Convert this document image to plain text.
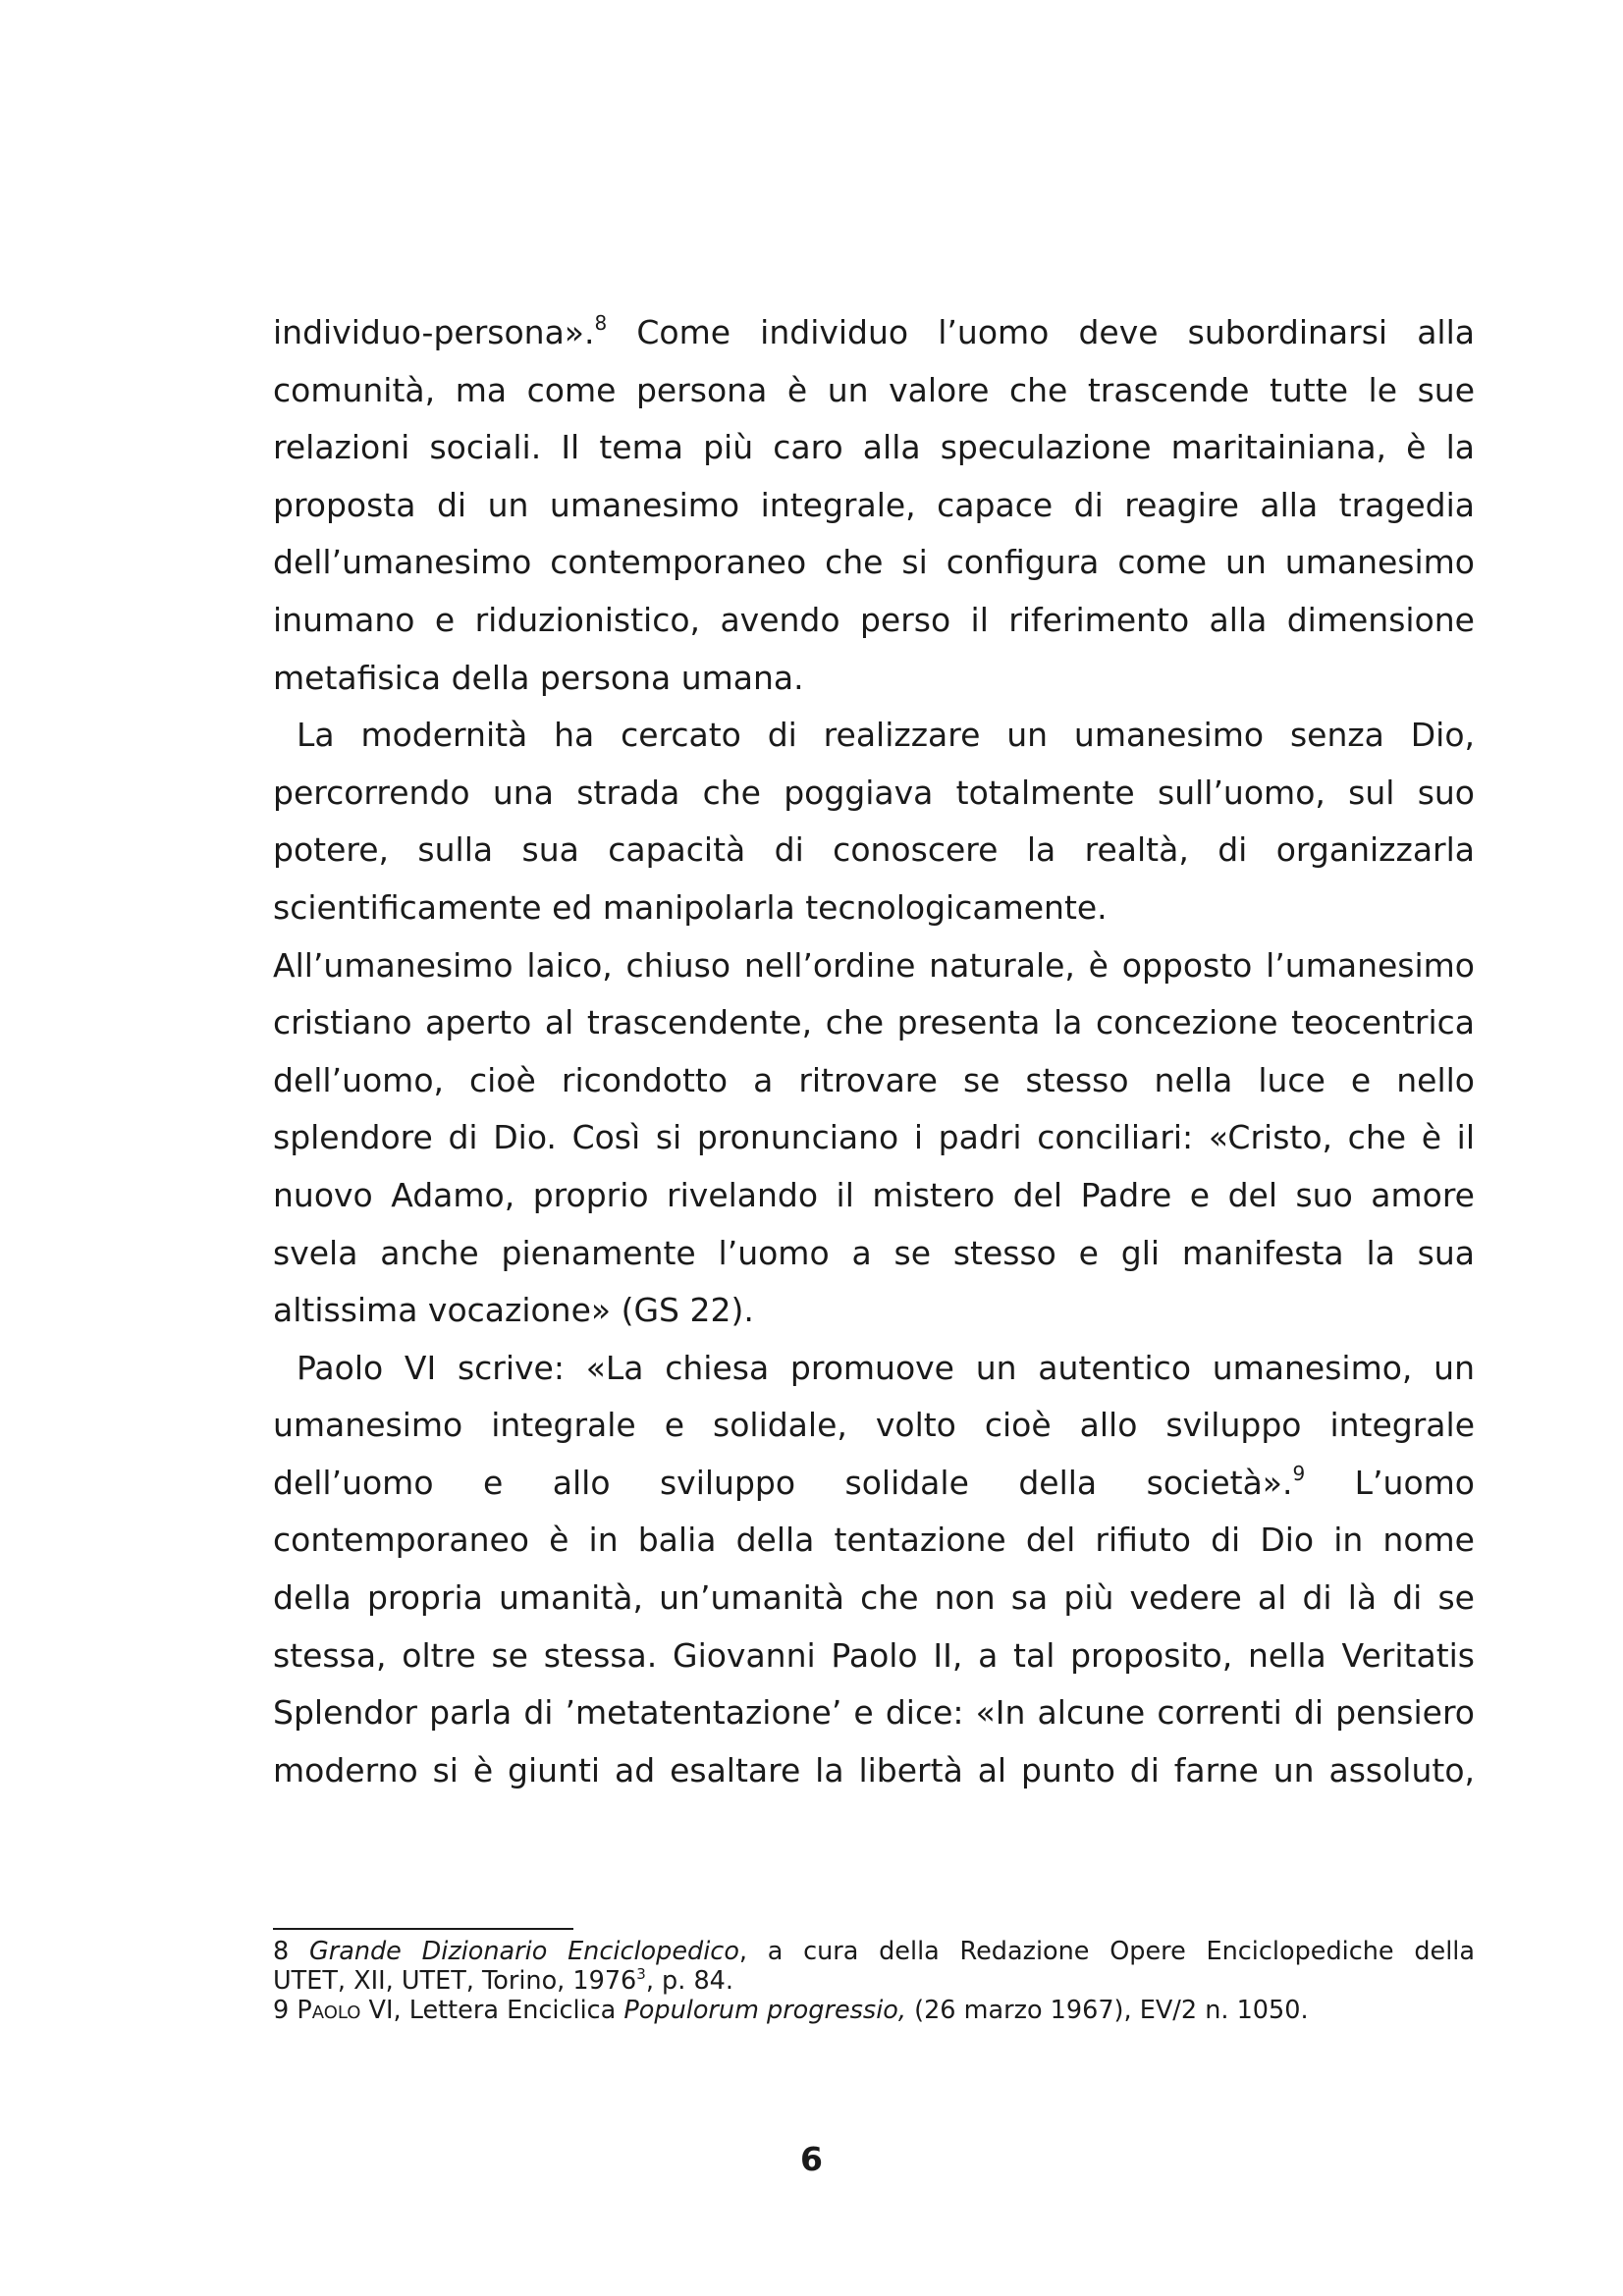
individuo-persona».$^8$ Come individuo l’uomo deve subordinarsi alla
comunità, ma come persona è un valore che trascende tutte le sue
relazioni sociali. Il tema più caro alla speculazione maritainiana, è la
proposta di un umanesimo integrale, capace di reagire alla tragedia
dell’umanesimo contemporaneo che si configura come un umanesimo
inumano e riduzionistico, avendo perso il riferimento alla dimensione
metafisica della persona umana.
La modernità ha cercato di realizzare un umanesimo senza Dio,
percorrendo una strada che poggiava totalmente sull’uomo, sul suo
potere, sulla sua capacità di conoscere la realtà, di organizzarla
scientificamente ed manipolarla tecnologicamente.
All’umanesimo laico, chiuso nell’ordine naturale, è opposto l’umanesimo
cristiano aperto al trascendente, che presenta la concezione teocentrica
dell’uomo, cioè ricondotto a ritrovare se stesso nella luce e nello
splendore di Dio. Così si pronunciano i padri conciliari: «Cristo, che è il
nuovo Adamo, proprio rivelando il mistero del Padre e del suo amore
svela anche pienamente l’uomo a se stesso e gli manifesta la sua
altissima vocazione» (GS 22).
Paolo VI scrive: «La chiesa promuove un autentico umanesimo, un
umanesimo integrale e solidale, volto cioè allo sviluppo integrale
dell’uomo e allo sviluppo solidale della società».$^9$ L’uomo
contemporaneo è in balia della tentazione del rifiuto di Dio in nome
della propria umanità, un’umanità che non sa più vedere al di là di se
stessa, oltre se stessa. Giovanni Paolo II, a tal proposito, nella Veritatis
Splendor parla di ’metatentazione’ e dice: «In alcune correnti di pensiero
moderno si è giunti ad esaltare la libertà al punto di farne un assoluto,
8 Grande Dizionario Enciclopedico, a cura della Redazione Opere Enciclopediche della
UTET, XII, UTET, Torino, 1976$^3$, p. 84.
9 Paolo VI, Lettera Enciclica Populorum progressio, (26 marzo 1967), EV/2 n. 1050.
6
